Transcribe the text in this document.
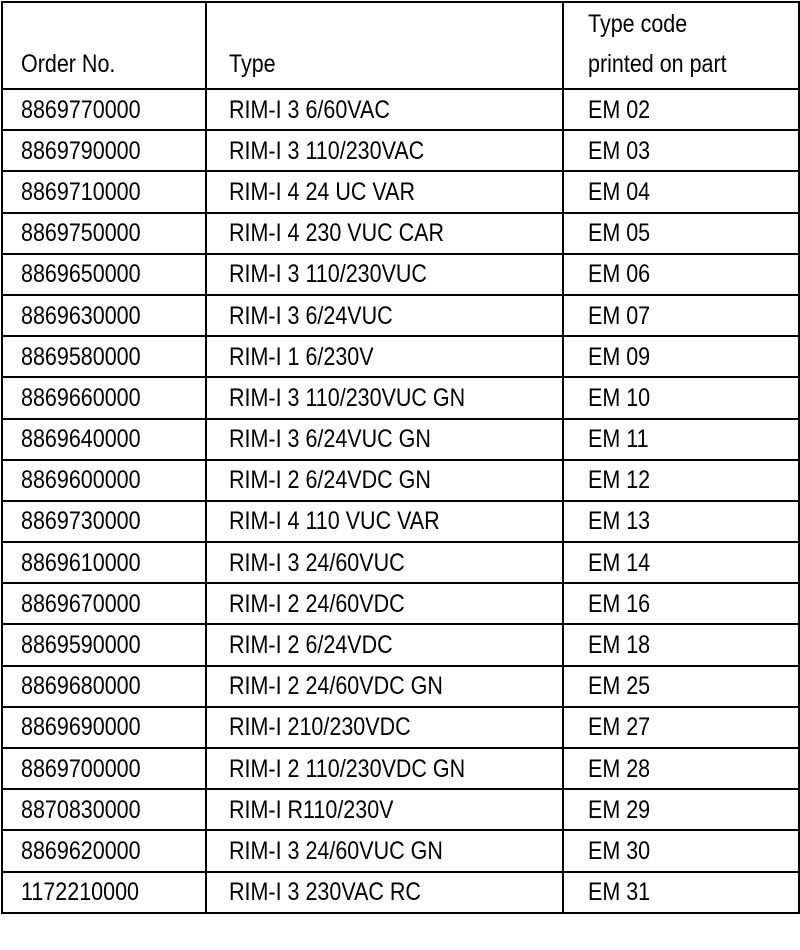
Order No.	Type	Type code
printed on part

8869770000	RIM-I 3 6/60VAC	EM 02
8869790000	RIM-I 3 110/230VAC	EM 03
8869710000	RIM-I 4 24 UC VAR	EM 04
8869750000	RIM-I 4 230 VUC CAR	EM 05
8869650000	RIM-I 3 110/230VUC	EM 06
8869630000	RIM-I 3 6/24VUC	EM 07
8869580000	RIM-I 1 6/230V	EM 09
8869660000	RIM-I 3 110/230VUC GN	EM 10
8869640000	RIM-I 3 6/24VUC GN	EM 11
8869600000	RIM-I 2 6/24VDC GN	EM 12
8869730000	RIM-I 4 110 VUC VAR	EM 13
8869610000	RIM-I 3 24/60VUC	EM 14
8869670000	RIM-I 2 24/60VDC	EM 16
8869590000	RIM-I 2 6/24VDC	EM 18
8869680000	RIM-I 2 24/60VDC GN	EM 25
8869690000	RIM-I 210/230VDC	EM 27
8869700000	RIM-I 2 110/230VDC GN	EM 28
8870830000	RIM-I R110/230V	EM 29
8869620000	RIM-I 3 24/60VUC GN	EM 30
1172210000	RIM-I 3 230VAC RC	EM 31
